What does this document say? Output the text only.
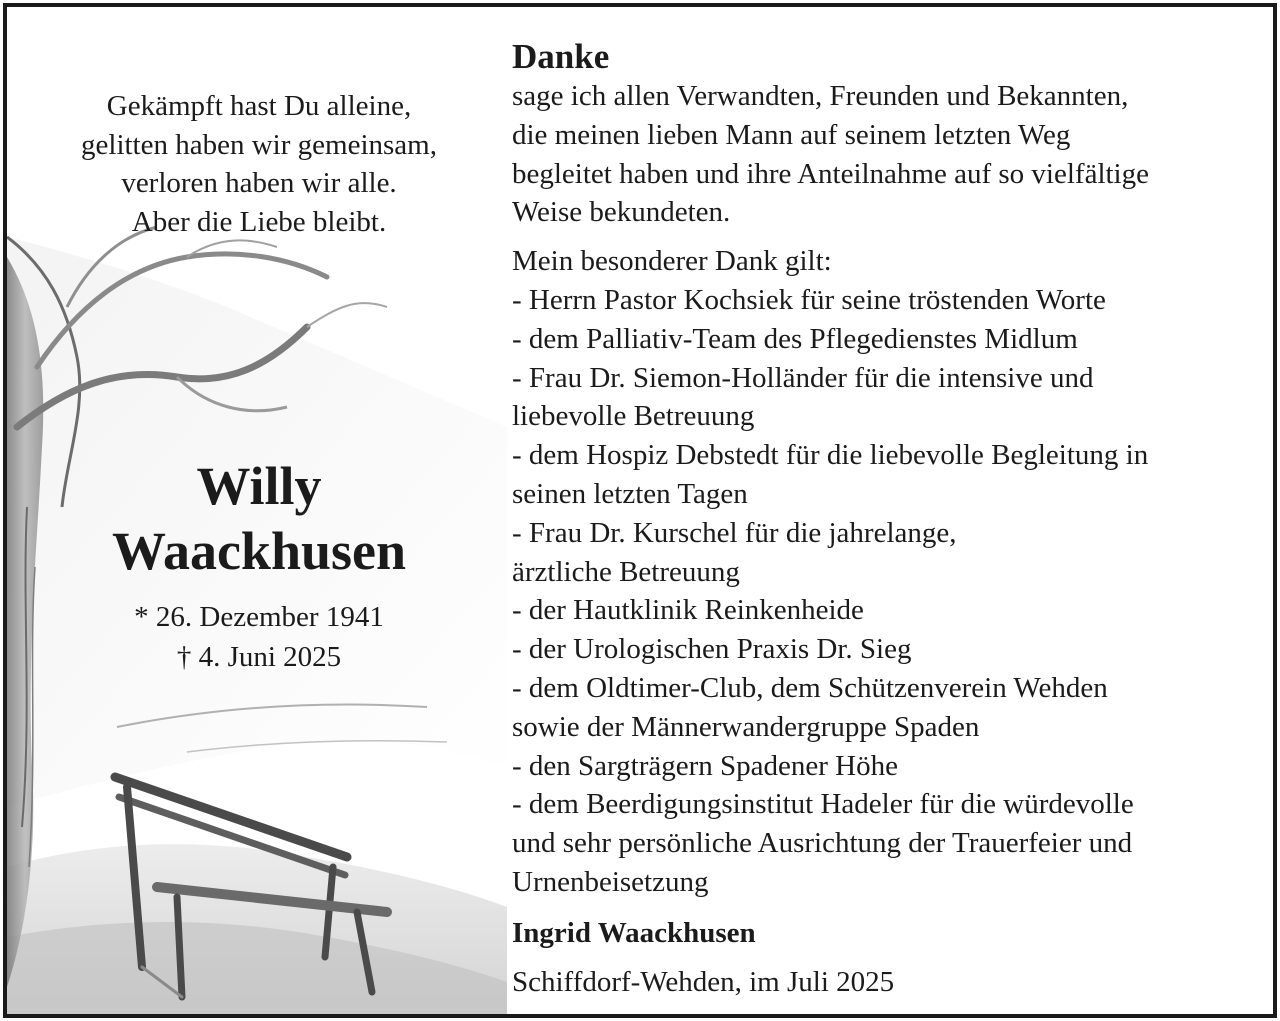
Gekämpft hast Du alleine,
gelitten haben wir gemeinsam,
verloren haben wir alle.
Aber die Liebe bleibt.
Willy
Waackhusen
* 26. Dezember 1941
† 4. Juni 2025
Danke
sage ich allen Verwandten, Freunden und Bekannten,
die meinen lieben Mann auf seinem letzten Weg
begleitet haben und ihre Anteilnahme auf so vielfältige
Weise bekundeten.
Mein besonderer Dank gilt:
- Herrn Pastor Kochsiek für seine tröstenden Worte
- dem Palliativ-Team des Pflegedienstes Midlum
- Frau Dr. Siemon-Holländer für die intensive und
liebevolle Betreuung
- dem Hospiz Debstedt für die liebevolle Begleitung in
seinen letzten Tagen
- Frau Dr. Kurschel für die jahrelange,
ärztliche Betreuung
- der Hautklinik Reinkenheide
- der Urologischen Praxis Dr. Sieg
- dem Oldtimer-Club, dem Schützenverein Wehden
sowie der Männerwandergruppe Spaden
- den Sargträgern Spadener Höhe
- dem Beerdigungsinstitut Hadeler für die würdevolle
und sehr persönliche Ausrichtung der Trauerfeier und
Urnenbeisetzung
Ingrid Waackhusen
Schiffdorf-Wehden, im Juli 2025
